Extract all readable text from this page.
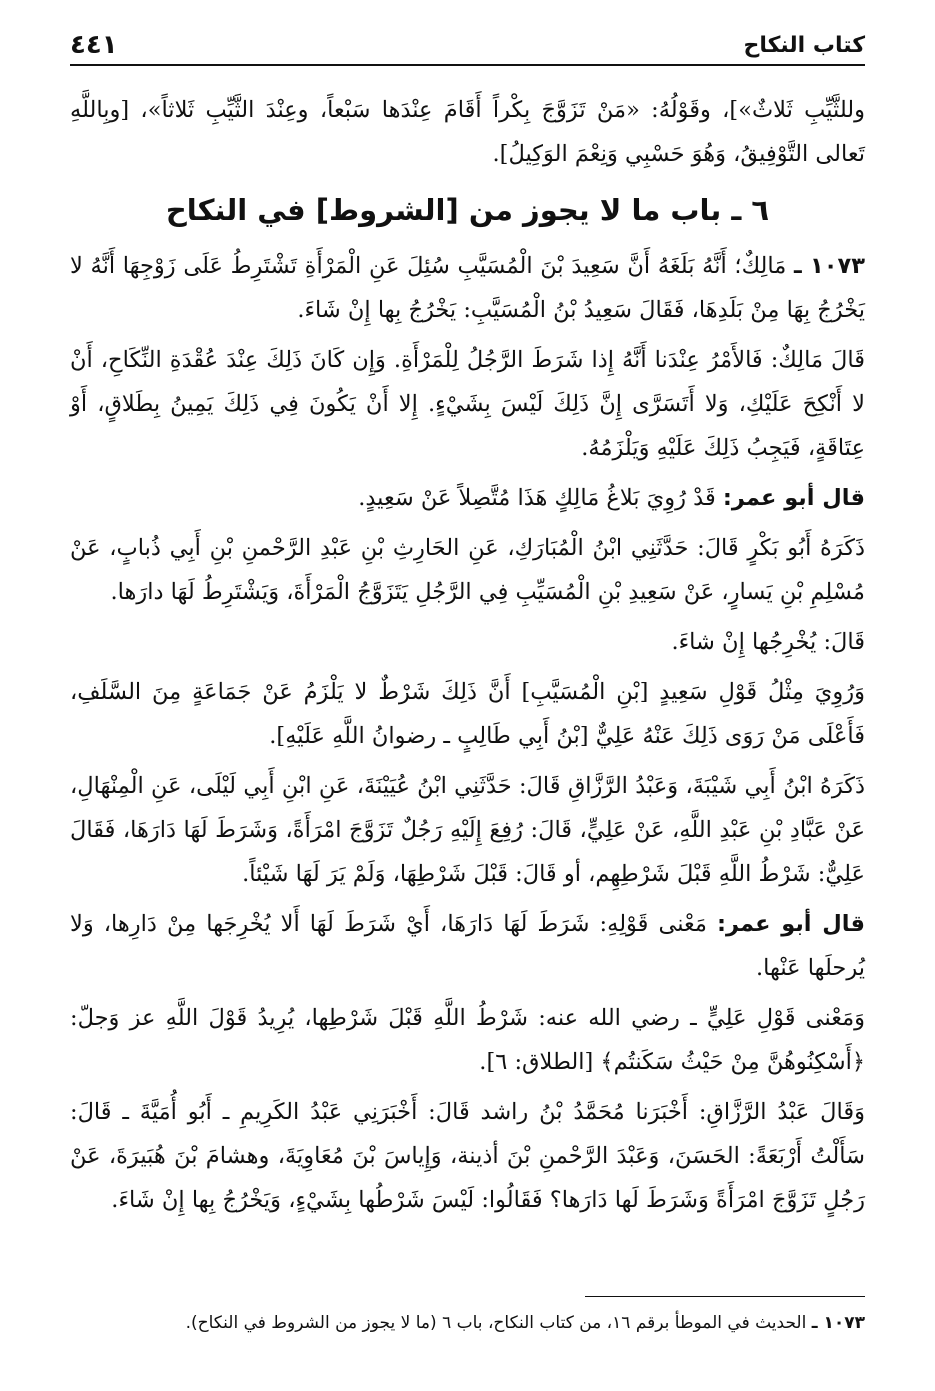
كتاب النكاح
٤٤١

وللثَّيِّبِ ثَلاثٌ»]، وقَوْلُهُ: «مَنْ تَزَوَّجَ بِكْراً أَقَامَ عِنْدَها سَبْعاً، وعِنْدَ الثَّيِّبِ ثَلاثاً»، [وبِاللَّهِ تَعالى التَّوْفِيقُ، وَهُوَ حَسْبِي وَنِعْمَ الوَكِيلُ].

٦ ـ باب ما لا يجوز من [الشروط] في النكاح

١٠٧٣ ـ مَالِكٌ؛ أَنَّهُ بَلَغَهُ أَنَّ سَعِيدَ بْنَ الْمُسَيَّبِ سُئِلَ عَنِ الْمَرْأَةِ تَشْتَرِطُ عَلَى زَوْجِهَا أَنَّهُ لا يَخْرُجُ بِهَا مِنْ بَلَدِهَا، فَقَالَ سَعِيدُ بْنُ الْمُسَيَّبِ: يَخْرُجُ بِها إِنْ شَاءَ.

قَالَ مَالِكٌ: فَالأَمْرُ عِنْدَنا أَنَّهُ إِذا شَرَطَ الرَّجُلُ لِلْمَرْأَةِ. وَإِن كَانَ ذَلِكَ عِنْدَ عُقْدَةِ النِّكَاحِ، أَنْ لا أَنْكِحَ عَلَيْكِ، وَلا أَتَسَرَّى إِنَّ ذَلِكَ لَيْسَ بِشَيْءٍ. إِلا أَنْ يَكُونَ فِي ذَلِكَ يَمِينُ بِطَلاقٍ، أَوْ عِتَاقَةٍ، فَيَجِبُ ذَلِكَ عَلَيْهِ وَيَلْزَمُهُ.

قال أبو عمر: قَدْ رُوِيَ بَلاغُ مَالِكٍ هَذَا مُتَّصِلاً عَنْ سَعِيدٍ.

ذَكَرَهُ أَبُو بَكْرٍ قَالَ: حَدَّثَنِي ابْنُ الْمُبَارَكِ، عَنِ الحَارِثِ بْنِ عَبْدِ الرَّحْمنِ بْنِ أَبِي ذُبابٍ، عَنْ مُسْلِمِ بْنِ يَسارٍ، عَنْ سَعِيدِ بْنِ الْمُسَيِّبِ فِي الرَّجُلِ يَتَزَوَّجُ الْمَرْأَةَ، وَيَشْتَرِطُ لَهَا دارَها.

قَالَ: يُخْرِجُها إِنْ شاءَ.

وَرُوِيَ مِثْلُ قَوْلِ سَعِيدٍ [بْنِ الْمُسَيَّبِ] أَنَّ ذَلِكَ شَرْطٌ لا يَلْزَمُ عَنْ جَمَاعَةٍ مِنَ السَّلَفِ، فَأَعْلَى مَنْ رَوَى ذَلِكَ عَنْهُ عَلِيٌّ [بْنُ أَبِي طَالِبٍ ـ رضوانُ اللَّهِ عَلَيْهِ].

ذَكَرَهُ ابْنُ أَبِي شَيْبَةَ، وَعَبْدُ الرَّزَّاقِ قَالَ: حَدَّثَنِي ابْنُ عُيَيْنَةَ، عَنِ ابْنِ أَبِي لَيْلَى، عَنِ الْمِنْهَالِ، عَنْ عَبَّادِ بْنِ عَبْدِ اللَّهِ، عَنْ عَلِيٍّ، قَالَ: رُفِعَ إِلَيْهِ رَجُلٌ تَزَوَّجَ امْرَأَةً، وَشَرَطَ لَهَا دَارَهَا، فَقَالَ عَلِيٌّ: شَرْطُ اللَّهِ قَبْلَ شَرْطِهِم، أو قَالَ: قَبْلَ شَرْطِهَا، وَلَمْ يَرَ لَهَا شَيْئاً.

قال أبو عمر: مَعْنى قَوْلِهِ: شَرَطَ لَهَا دَارَهَا، أَيْ شَرَطَ لَهَا أَلا يُخْرِجَها مِنْ دَارِها، وَلا يُرحلَها عَنْها.

وَمَعْنى قَوْلِ عَلِيٍّ ـ رضي الله عنه: شَرْطُ اللَّهِ قَبْلَ شَرْطِها، يُرِيدُ قَوْلَ اللَّهِ عز وَجلّ: ﴿أَسْكِنُوهُنَّ مِنْ حَيْثُ سَكَنتُم﴾ [الطلاق: ٦].

وَقَالَ عَبْدُ الرَّزَّاقِ: أَخْبَرَنا مُحَمَّدُ بْنُ راشد قَالَ: أَخْبَرَنِي عَبْدُ الكَرِيمِ ـ أَبُو أُمَيَّةَ ـ قَالَ: سَأَلْتُ أَرْبَعَةً: الحَسَنَ، وَعَبْدَ الرَّحْمنِ بْنَ أذينة، وَإِياسَ بْنَ مُعَاوِيَةَ، وهشامَ بْنَ هُبَيرَةَ، عَنْ رَجُلٍ تَزَوَّجَ امْرَأَةً وَشَرَطَ لَها دَارَها؟ فَقَالُوا: لَيْسَ شَرْطُها بِشَيْءٍ، وَيَخْرُجُ بِها إِنْ شَاءَ.

١٠٧٣ ـ الحديث في الموطأ برقم ١٦، من كتاب النكاح، باب ٦ (ما لا يجوز من الشروط في النكاح).
